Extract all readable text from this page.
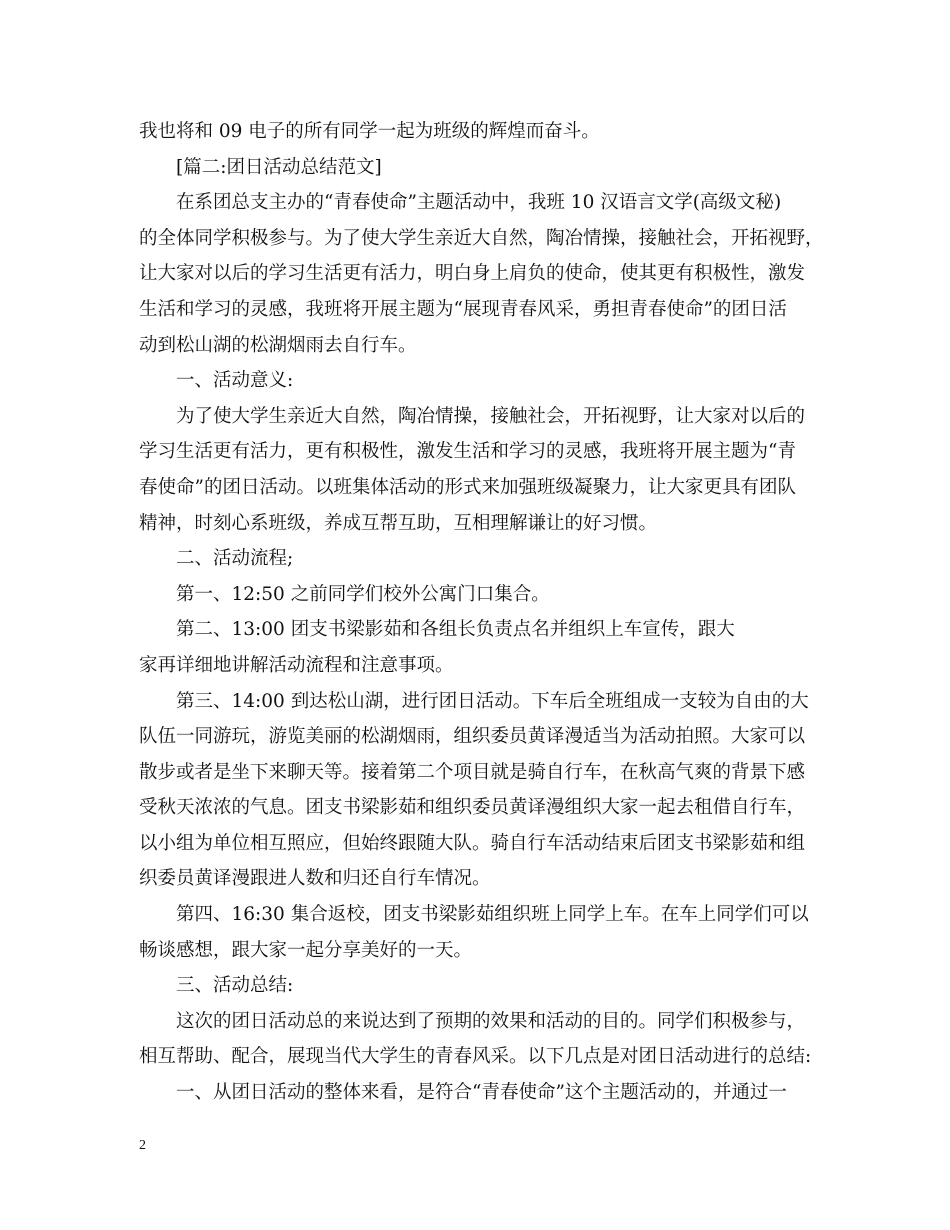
我也将和 09 电子的所有同学一起为班级的辉煌而奋斗。
[篇二:团日活动总结范文]
在系团总支主办的“青春使命”主题活动中，我班 10 汉语言文学(高级文秘)
的全体同学积极参与。为了使大学生亲近大自然，陶冶情操，接触社会，开拓视野，
让大家对以后的学习生活更有活力，明白身上肩负的使命，使其更有积极性，激发
生活和学习的灵感，我班将开展主题为“展现青春风采，勇担青春使命”的团日活
动到松山湖的松湖烟雨去自行车。
一、活动意义:
为了使大学生亲近大自然，陶冶情操，接触社会，开拓视野，让大家对以后的
学习生活更有活力，更有积极性，激发生活和学习的灵感，我班将开展主题为“青
春使命”的团日活动。以班集体活动的形式来加强班级凝聚力，让大家更具有团队
精神，时刻心系班级，养成互帮互助，互相理解谦让的好习惯。
二、活动流程;
第一、12:50 之前同学们校外公寓门口集合。
第二、13:00 团支书梁影茹和各组长负责点名并组织上车宣传，跟大
家再详细地讲解活动流程和注意事项。
第三、14:00 到达松山湖，进行团日活动。下车后全班组成一支较为自由的大
队伍一同游玩，游览美丽的松湖烟雨，组织委员黄译漫适当为活动拍照。大家可以
散步或者是坐下来聊天等。接着第二个项目就是骑自行车，在秋高气爽的背景下感
受秋天浓浓的气息。团支书梁影茹和组织委员黄译漫组织大家一起去租借自行车，
以小组为单位相互照应，但始终跟随大队。骑自行车活动结束后团支书梁影茹和组
织委员黄译漫跟进人数和归还自行车情况。
第四、16:30 集合返校，团支书梁影茹组织班上同学上车。在车上同学们可以
畅谈感想，跟大家一起分享美好的一天。
三、活动总结:
这次的团日活动总的来说达到了预期的效果和活动的目的。同学们积极参与，
相互帮助、配合，展现当代大学生的青春风采。以下几点是对团日活动进行的总结:
一、从团日活动的整体来看，是符合“青春使命”这个主题活动的，并通过一
2
